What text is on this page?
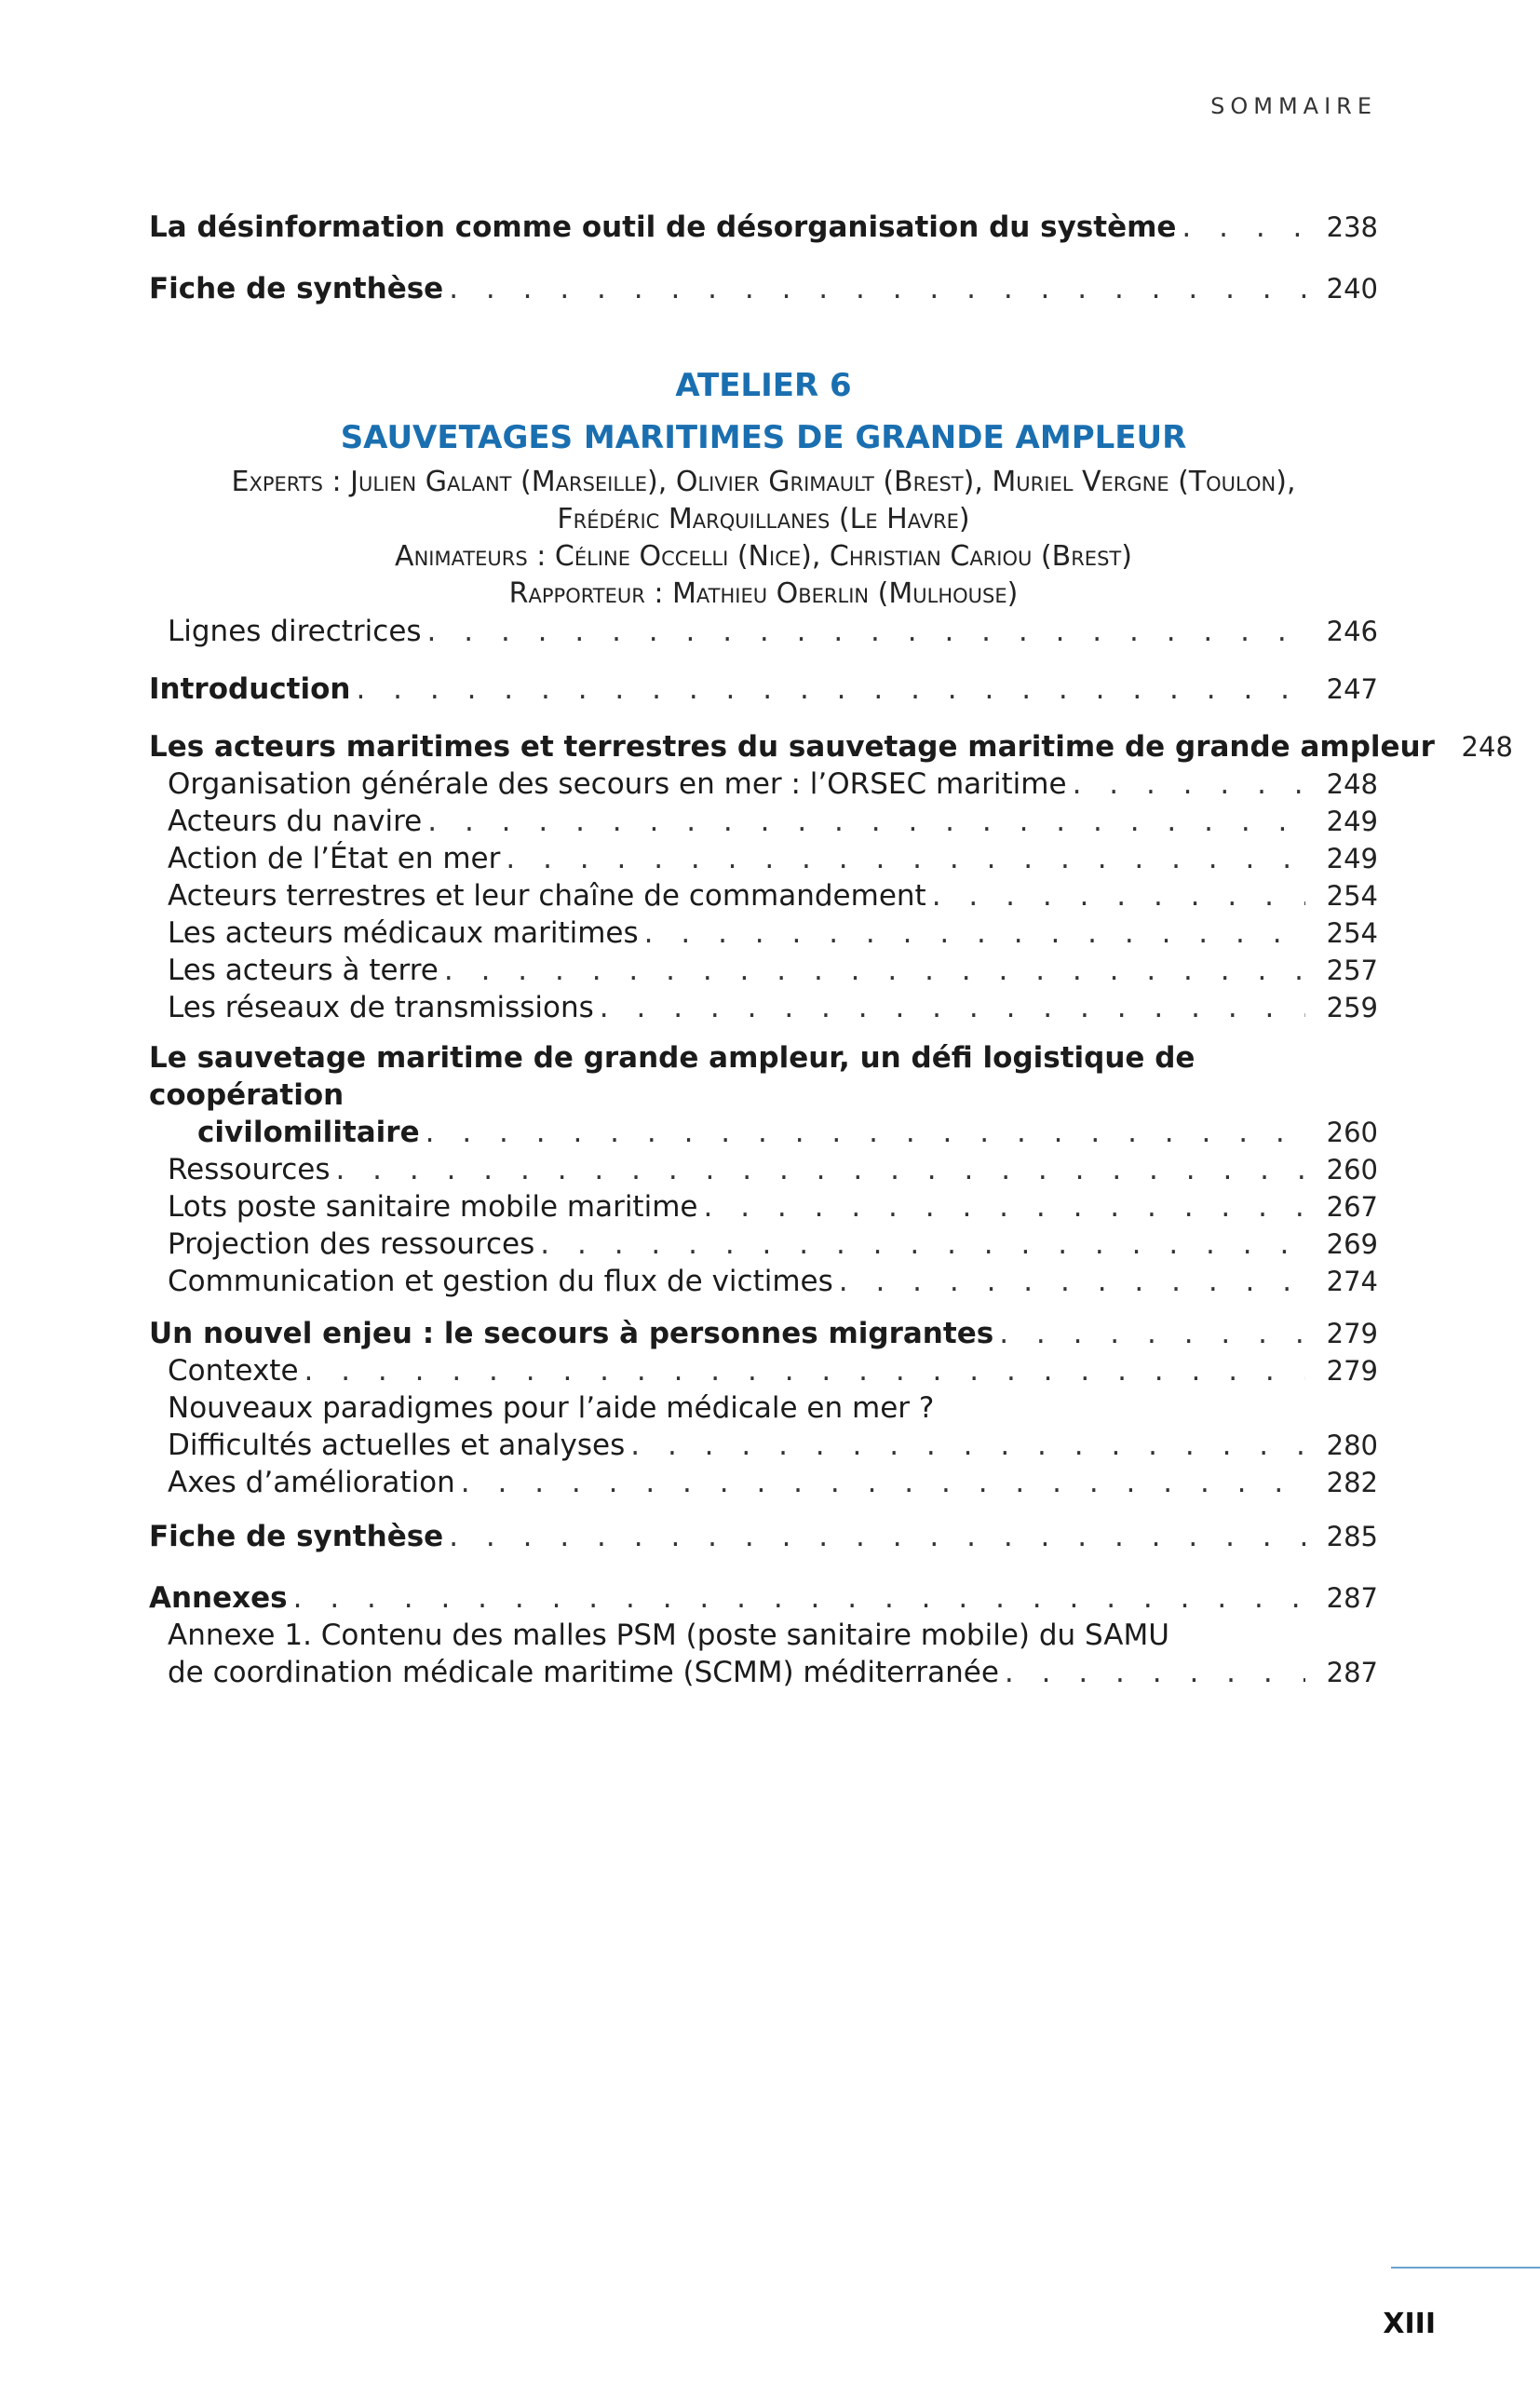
SOMMAIRE
La désinformation comme outil de désorganisation du système . . .	238
Fiche de synthèse . . .	240
ATELIER 6
SAUVETAGES MARITIMES DE GRANDE AMPLEUR
Experts : Julien Galant (Marseille), Olivier Grimault (Brest), Muriel Vergne (Toulon),
Frédéric Marquillanes (Le Havre)
Animateurs : Céline Occelli (Nice), Christian Cariou (Brest)
Rapporteur : Mathieu Oberlin (Mulhouse)
Lignes directrices . . .	246
Introduction . . .	247
Les acteurs maritimes et terrestres du sauvetage maritime de grande ampleur 248
Organisation générale des secours en mer : l’ORSEC maritime . . .	248
Acteurs du navire . . .	249
Action de l’État en mer . . .	249
Acteurs terrestres et leur chaîne de commandement . . .	254
Les acteurs médicaux maritimes . . .	254
Les acteurs à terre . . .	257
Les réseaux de transmissions . . .	259
Le sauvetage maritime de grande ampleur, un défi logistique de coopération
civilomilitaire . . .	260
Ressources . . .	260
Lots poste sanitaire mobile maritime . . .	267
Projection des ressources . . .	269
Communication et gestion du flux de victimes . . .	274
Un nouvel enjeu : le secours à personnes migrantes . . .	279
Contexte . . .	279
Nouveaux paradigmes pour l’aide médicale en mer ?
Difficultés actuelles et analyses . . .	280
Axes d’amélioration . . .	282
Fiche de synthèse . . .	285
Annexes . . .	287
Annexe 1. Contenu des malles PSM (poste sanitaire mobile) du SAMU
de coordination médicale maritime (SCMM) méditerranée . . .	287
XIII
